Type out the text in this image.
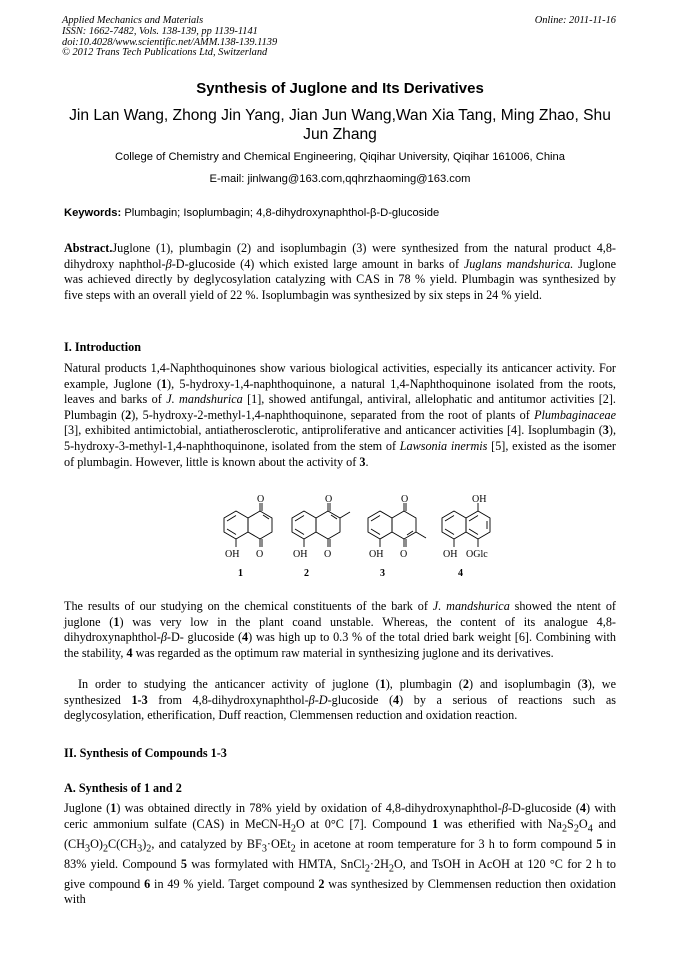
Applied Mechanics and Materials
ISSN: 1662-7482, Vols. 138-139, pp 1139-1141
doi:10.4028/www.scientific.net/AMM.138-139.1139
© 2012 Trans Tech Publications Ltd, Switzerland
Online: 2011-11-16
Synthesis of Juglone and Its Derivatives
Jin Lan Wang, Zhong Jin Yang, Jian Jun Wang,Wan Xia Tang, Ming Zhao, Shu Jun Zhang
College of Chemistry and Chemical Engineering, Qiqihar University, Qiqihar 161006, China
E-mail: jinlwang@163.com,qqhrzhaoming@163.com
Keywords: Plumbagin; Isoplumbagin; 4,8-dihydroxynaphthol-β-D-glucoside
Abstract.Juglone (1), plumbagin (2) and isoplumbagin (3) were synthesized from the natural product 4,8-dihydroxy naphthol-β-D-glucoside (4) which existed large amount in barks of Juglans mandshurica. Juglone was achieved directly by deglycosylation catalyzing with CAS in 78 % yield. Plumbagin was synthesized by five steps with an overall yield of 22 %. Isoplumbagin was synthesized by six steps in 24 % yield.
I. Introduction
Natural products 1,4-Naphthoquinones show various biological activities, especially its anticancer activity. For example, Juglone (1), 5-hydroxy-1,4-naphthoquinone, a natural 1,4-Naphthoquinone isolated from the roots, leaves and barks of J. mandshurica [1], showed antifungal, antiviral, allelophatic and antitumor activities [2]. Plumbagin (2), 5-hydroxy-2-methyl-1,4-naphthoquinone, separated from the root of plants of Plumbaginaceae [3], exhibited antimictobial, antiatherosclerotic, antiproliferative and anticancer activities [4]. Isoplumbagin (3), 5-hydroxy-3-methyl-1,4-naphthoquinone, isolated from the stem of Lawsonia inermis [5], existed as the isomer of plumbagin. However, little is known about the activity of 3.
O
O
OH
1
O
O
OH
2
O
O
OH
3
OH
OGlc
OH
4
The results of our studying on the chemical constituents of the bark of J. mandshurica showed the ntent of juglone (1) was very low in the plant coand unstable. Whereas, the content of its analogue 4,8-dihydroxynaphthol-β-D- glucoside (4) was high up to 0.3 % of the total dried bark weight [6]. Combining with the stability, 4 was regarded as the optimum raw material in synthesizing juglone and its derivatives.
In order to studying the anticancer activity of juglone (1), plumbagin (2) and isoplumbagin (3), we synthesized 1-3 from 4,8-dihydroxynaphthol-β-D-glucoside (4) by a serious of reactions such as deglycosylation, etherification, Duff reaction, Clemmensen reduction and oxidation reaction.
II. Synthesis of Compounds 1-3
A. Synthesis of 1 and 2
Juglone (1) was obtained directly in 78% yield by oxidation of 4,8-dihydroxynaphthol-β-D-glucoside (4) with ceric ammonium sulfate (CAS) in MeCN-$H_2O$ at 0°C [7]. Compound 1 was etherified with $Na_2S_2O_4$ and $(CH_3O)_2C(CH_3)_2$, and catalyzed by $BF_3\cdot OEt_2$ in acetone at room temperature for 3 h to form compound 5 in 83% yield. Compound 5 was formylated with HMTA, $SnCl_2\cdot 2H_2O$, and TsOH in AcOH at 120 °C for 2 h to give compound 6 in 49 % yield. Target compound 2 was synthesized by Clemmensen reduction then oxidation with
